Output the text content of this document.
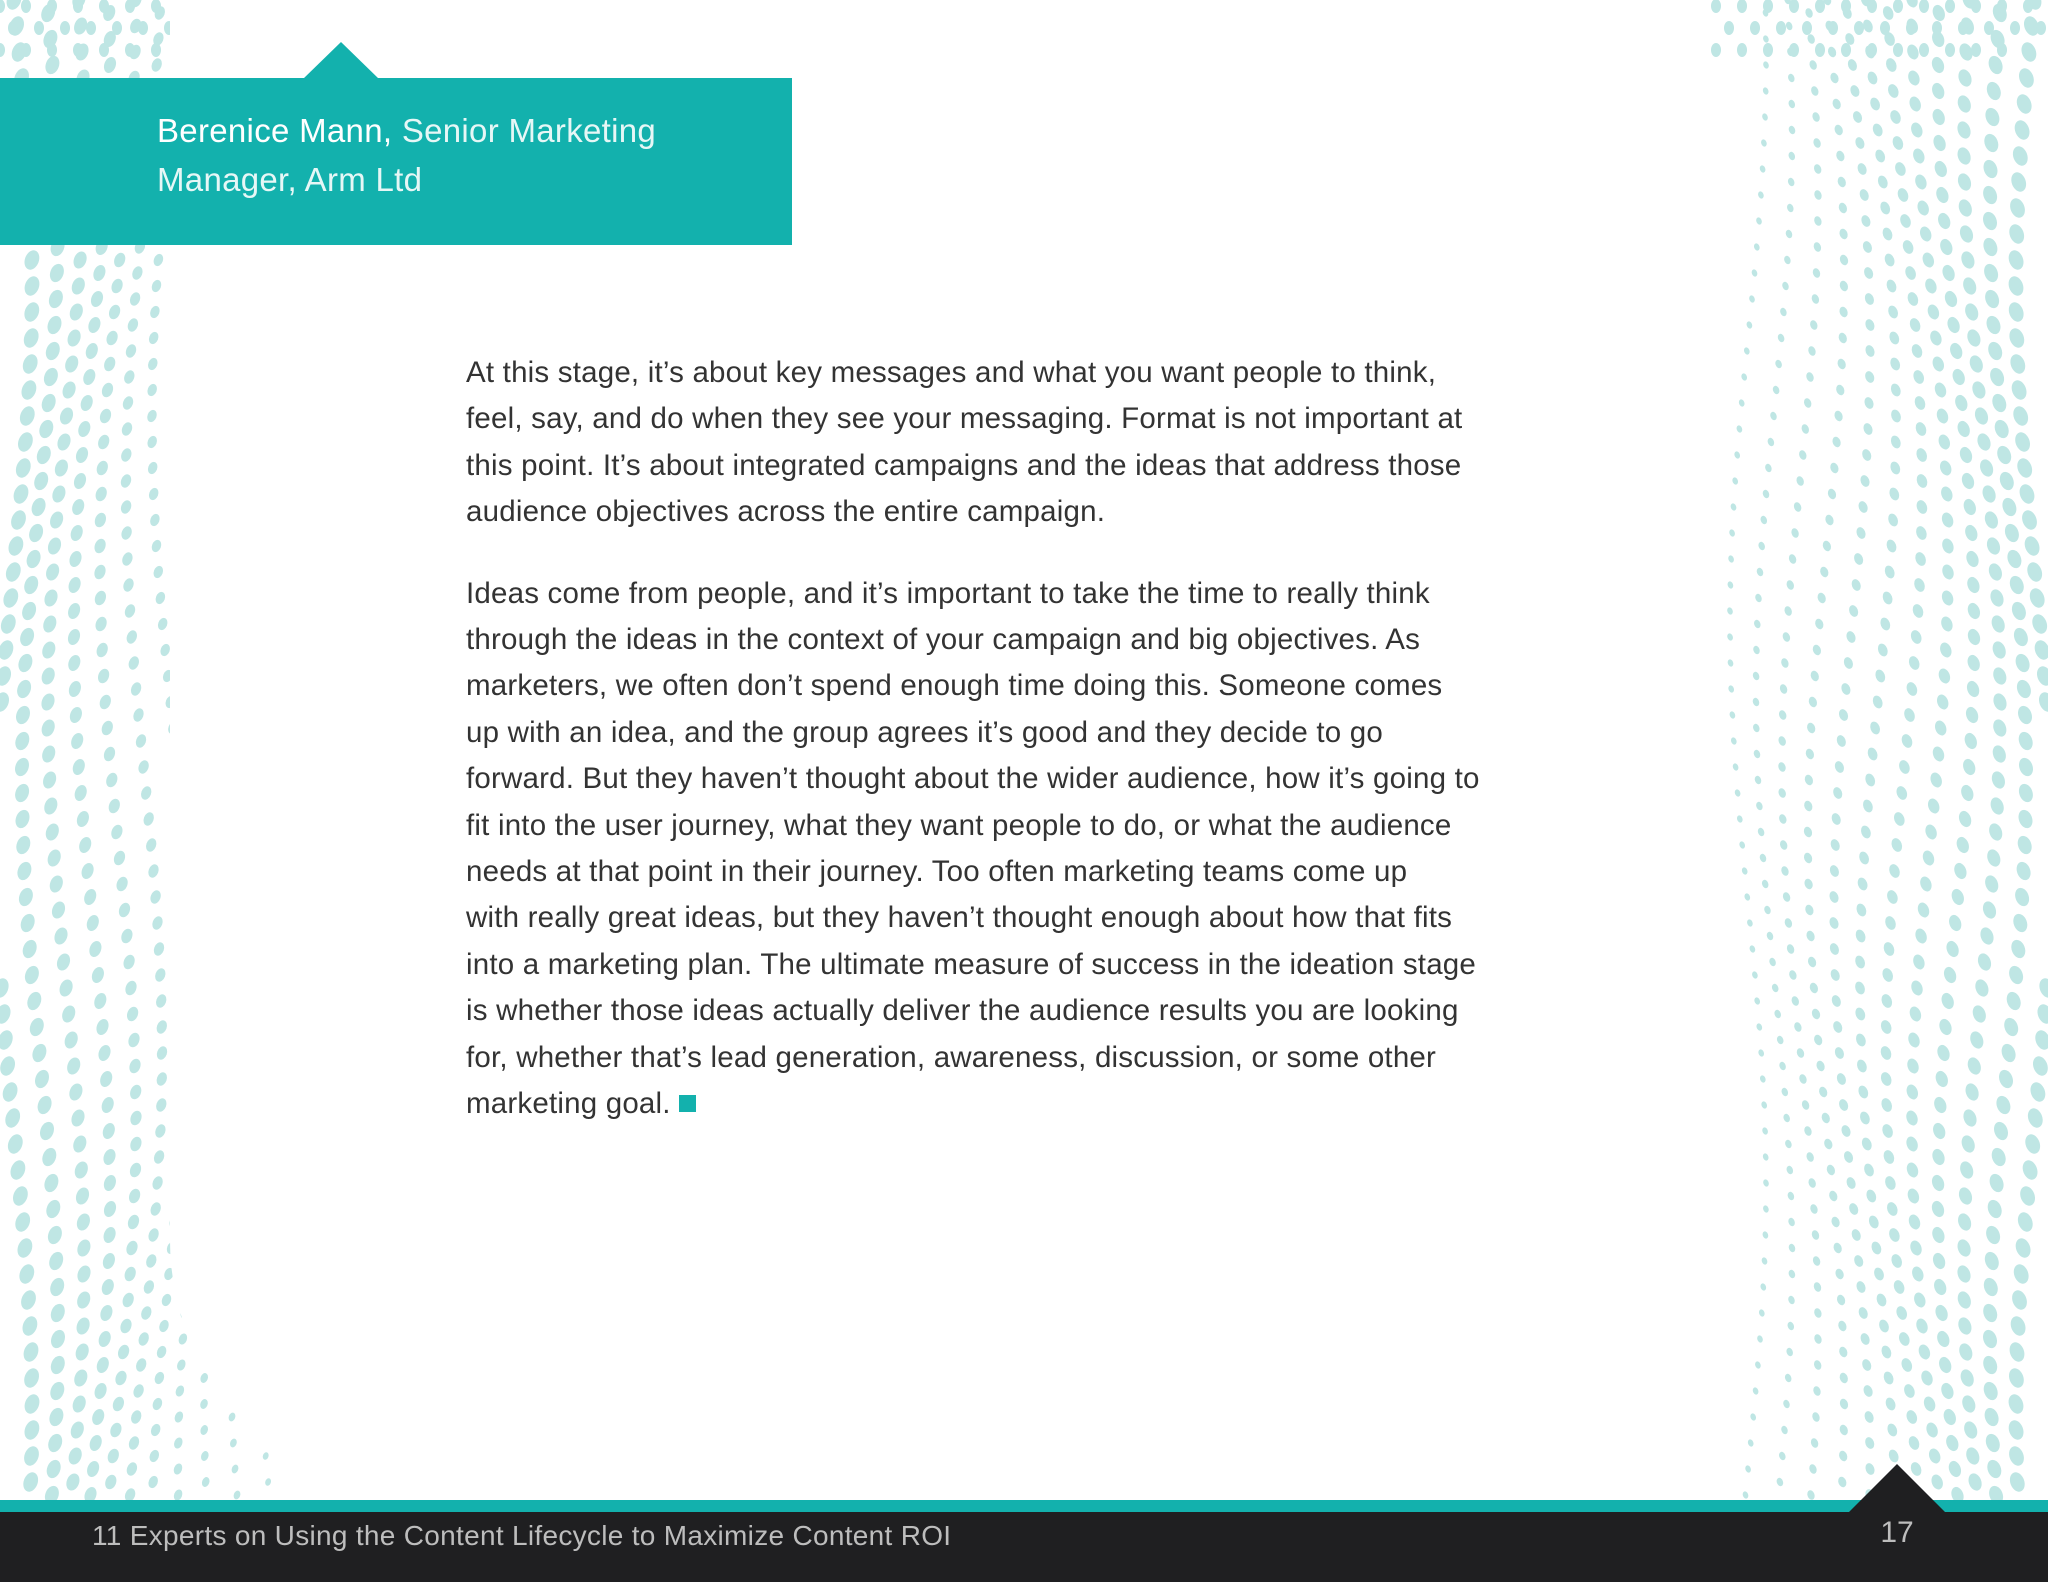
Berenice Mann, Senior Marketing Manager, Arm Ltd

At this stage, it’s about key messages and what you want people to think,
feel, say, and do when they see your messaging. Format is not important at
this point. It’s about integrated campaigns and the ideas that address those
audience objectives across the entire campaign.

Ideas come from people, and it’s important to take the time to really think
through the ideas in the context of your campaign and big objectives. As
marketers, we often don’t spend enough time doing this. Someone comes
up with an idea, and the group agrees it’s good and they decide to go
forward. But they haven’t thought about the wider audience, how it’s going to
fit into the user journey, what they want people to do, or what the audience
needs at that point in their journey. Too often marketing teams come up
with really great ideas, but they haven’t thought enough about how that fits
into a marketing plan. The ultimate measure of success in the ideation stage
is whether those ideas actually deliver the audience results you are looking
for, whether that’s lead generation, awareness, discussion, or some other
marketing goal.

11 Experts on Using the Content Lifecycle to Maximize Content ROI	17
